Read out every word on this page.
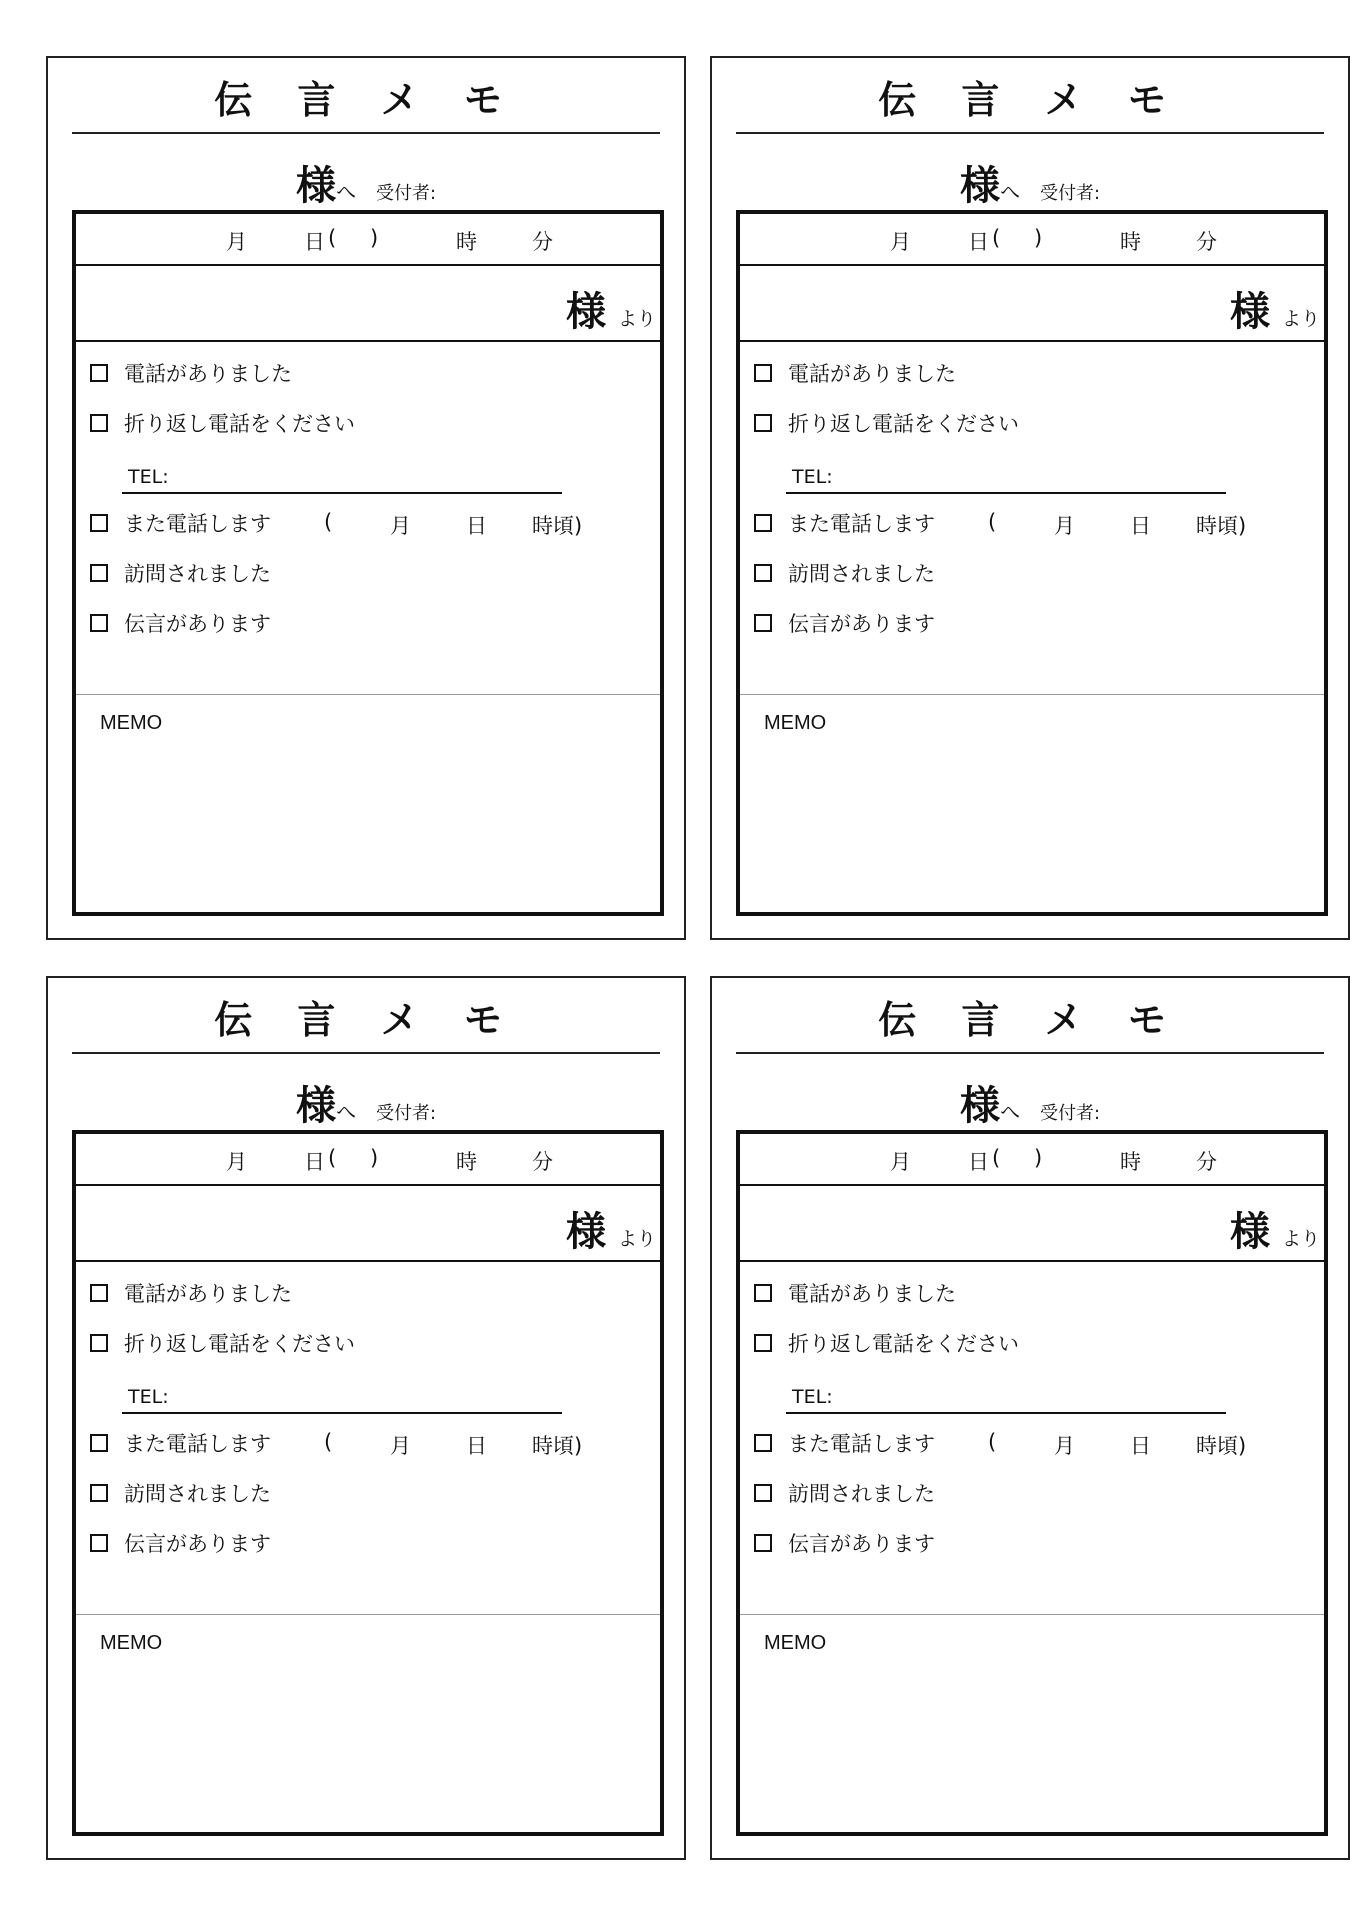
伝 言 メ モ
様へ 受付者:
月	日 ( )	時	分
様 より
電話がありました
折り返し電話をください
TEL:
また電話します	(	月	日 時頃)
訪問されました
伝言があります
MEMO
伝 言 メ モ
様へ 受付者:
月	日 ( )	時	分
様 より
電話がありました
折り返し電話をください
TEL:
また電話します	(	月	日 時頃)
訪問されました
伝言があります
MEMO
伝 言 メ モ
様へ 受付者:
月	日 ( )	時	分
様 より
電話がありました
折り返し電話をください
TEL:
また電話します	(	月	日 時頃)
訪問されました
伝言があります
MEMO
伝 言 メ モ
様へ 受付者:
月	日 ( )	時	分
様 より
電話がありました
折り返し電話をください
TEL:
また電話します	(	月	日 時頃)
訪問されました
伝言があります
MEMO
